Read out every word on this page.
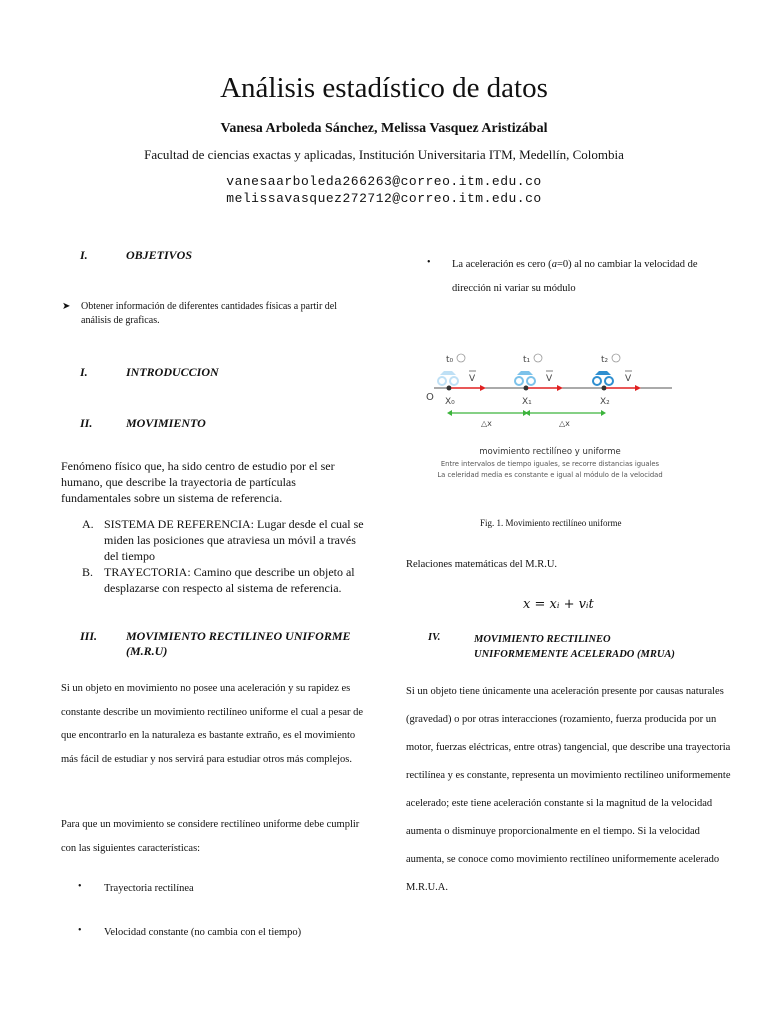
Análisis estadístico de datos
Vanesa Arboleda Sánchez, Melissa Vasquez Aristizábal
Facultad de ciencias exactas y aplicadas, Institución Universitaria ITM, Medellín, Colombia
vanesaarboleda266263@correo.itm.edu.co
melissavasquez272712@correo.itm.edu.co
I.	OBJETIVOS
➤ Obtener información de diferentes cantidades físicas a partir del análisis de graficas.
I.	INTRODUCCION
II.	MOVIMIENTO
Fenómeno físico que, ha sido centro de estudio por el ser humano, que describe la trayectoria de partículas fundamentales sobre un sistema de referencia.
A. SISTEMA DE REFERENCIA: Lugar desde el cual se miden las posiciones que atraviesa un móvil a través del tiempo
B. TRAYECTORIA: Camino que describe un objeto al desplazarse con respecto al sistema de referencia.
III. MOVIMIENTO RECTILINEO UNIFORME
(M.R.U)
Si un objeto en movimiento no posee una aceleración y su rapidez es constante describe un movimiento rectilíneo uniforme el cual a pesar de que encontrarlo en la naturaleza es bastante extraño, es el movimiento más fácil de estudiar y nos servirá para estudiar otros más complejos.
Para que un movimiento se considere rectilíneo uniforme debe cumplir con las siguientes características:
• Trayectoria rectilínea
• Velocidad constante (no cambia con el tiempo)
• La aceleración es cero (a=0) al no cambiar la velocidad de dirección ni variar su módulo
O
t₀	t₁	t₂
V	V	V
X₀	X₁	X₂
△x	△x
movimiento rectilíneo y uniforme
Entre intervalos de tiempo iguales, se recorre distancias iguales
La celeridad media es constante e igual al módulo de la velocidad
Fig. 1. Movimiento rectilíneo uniforme
Relaciones matemáticas del M.R.U.
x = xᵢ + vᵢt
IV.	MOVIMIENTO RECTILINEO
UNIFORMEMENTE ACELERADO (MRUA)
Si un objeto tiene únicamente una aceleración presente por causas naturales (gravedad) o por otras interacciones (rozamiento, fuerza producida por un motor, fuerzas eléctricas, entre otras) tangencial, que describe una trayectoria rectilínea y es constante, representa un movimiento rectilíneo uniformemente acelerado; este tiene aceleración constante si la magnitud de la velocidad aumenta o disminuye proporcionalmente en el tiempo. Si la velocidad aumenta, se conoce como movimiento rectilíneo uniformemente acelerado M.R.U.A.
